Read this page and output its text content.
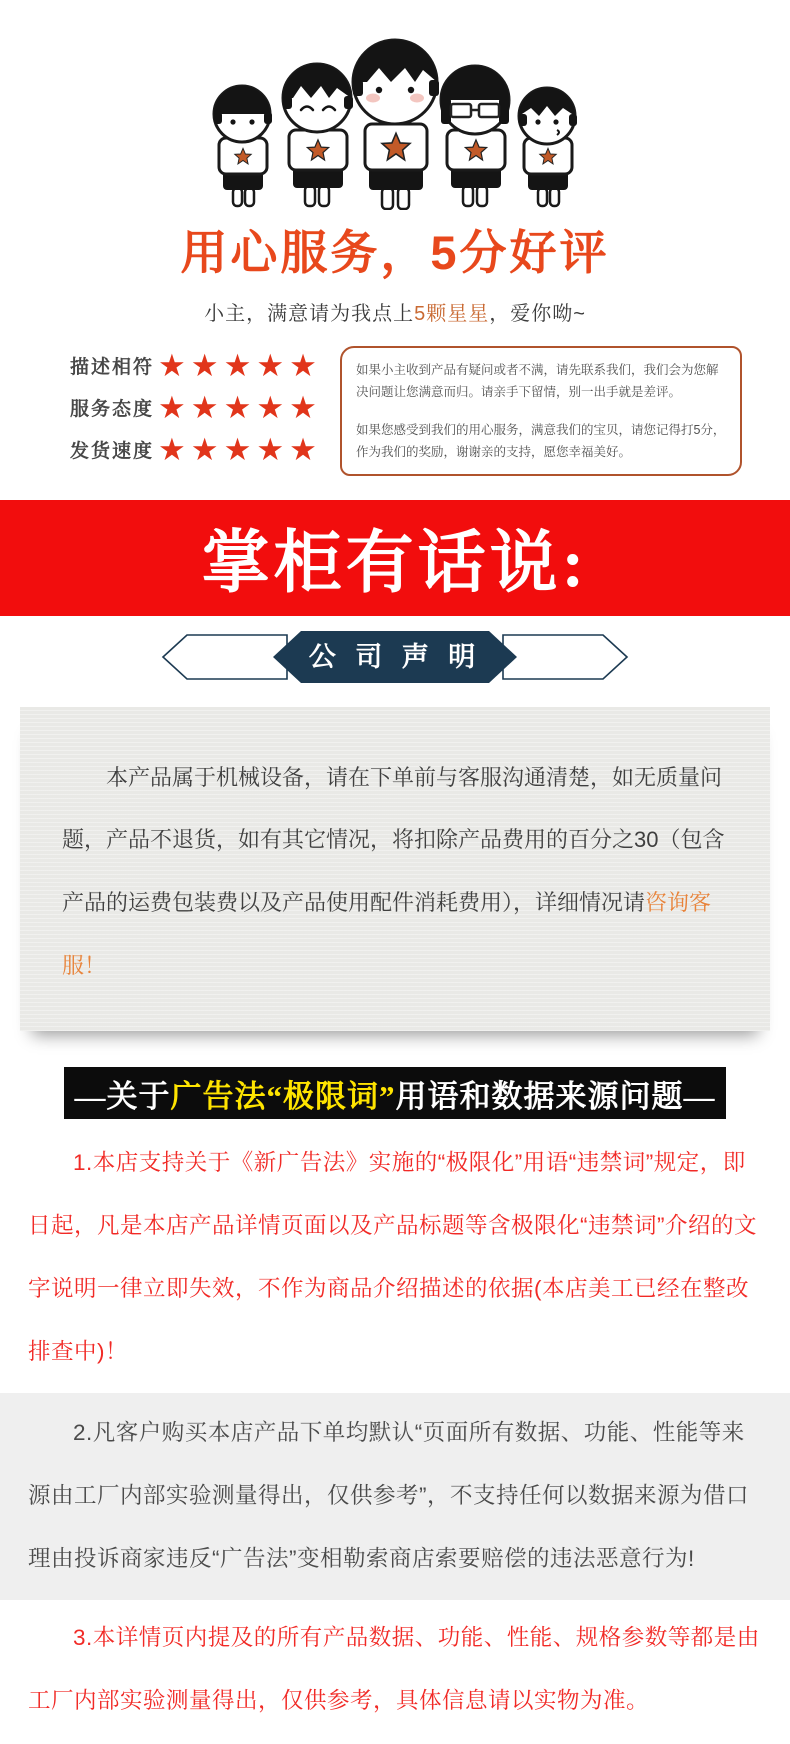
用心服务，5分好评
小主，满意请为我点上5颗星星，爱你呦~
描述相符 ★★★★★
服务态度 ★★★★★
发货速度 ★★★★★

如果小主收到产品有疑问或者不满，请先联系我们，我们会为您解决问题让您满意而归。请亲手下留情，别一出手就是差评。

如果您感受到我们的用心服务，满意我们的宝贝，请您记得打5分，作为我们的奖励，谢谢亲的支持，愿您幸福美好。

掌柜有话说:
公 司 声 明
本产品属于机械设备，请在下单前与客服沟通清楚，如无质量问题，产品不退货，如有其它情况，将扣除产品费用的百分之30（包含产品的运费包装费以及产品使用配件消耗费用），详细情况请咨询客服！
—关于 广告法“极限词” 用语和数据来源问题—

1.本店支持关于《新广告法》实施的“极限化”用语“违禁词”规定，即日起，凡是本店产品详情页面以及产品标题等含极限化“违禁词”介绍的文字说明一律立即失效，不作为商品介绍描述的依据(本店美工已经在整改排查中)！

2.凡客户购买本店产品下单均默认“页面所有数据、功能、性能等来源由工厂内部实验测量得出，仅供参考”，不支持任何以数据来源为借口理由投诉商家违反“广告法”变相勒索商店索要赔偿的违法恶意行为!

3.本详情页内提及的所有产品数据、功能、性能、规格参数等都是由工厂内部实验测量得出，仅供参考，具体信息请以实物为准。
